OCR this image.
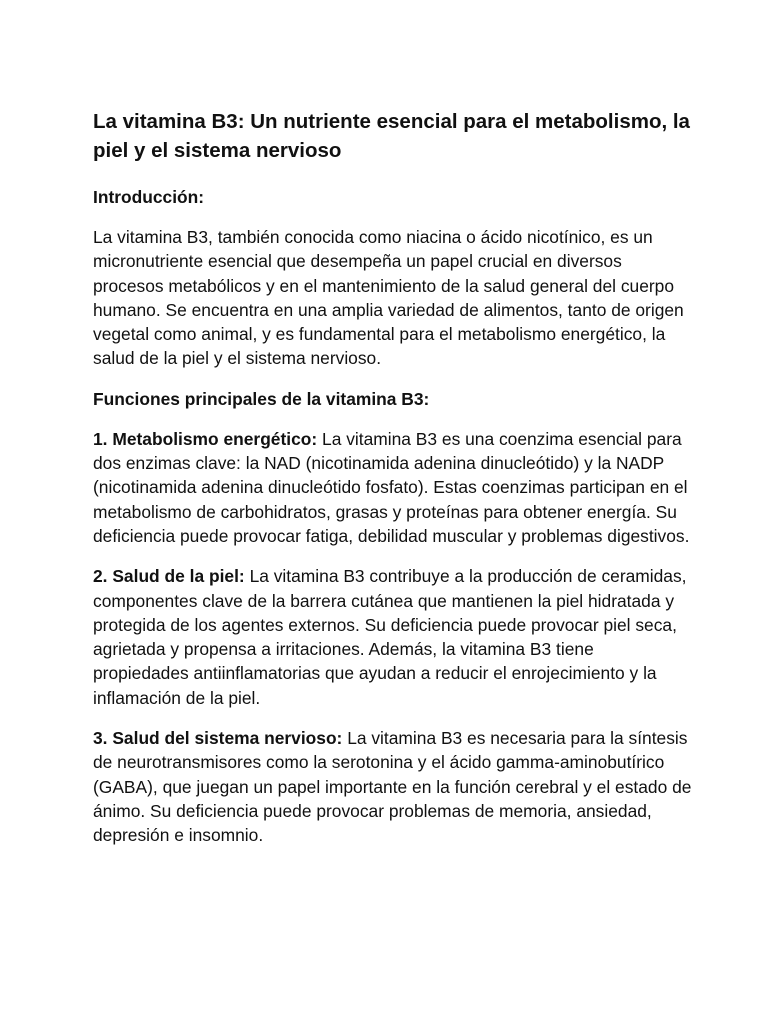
La vitamina B3: Un nutriente esencial para el metabolismo, la piel y el sistema nervioso
Introducción:

La vitamina B3, también conocida como niacina o ácido nicotínico, es un micronutriente esencial que desempeña un papel crucial en diversos procesos metabólicos y en el mantenimiento de la salud general del cuerpo humano. Se encuentra en una amplia variedad de alimentos, tanto de origen vegetal como animal, y es fundamental para el metabolismo energético, la salud de la piel y el sistema nervioso.

Funciones principales de la vitamina B3:

1. Metabolismo energético: La vitamina B3 es una coenzima esencial para dos enzimas clave: la NAD (nicotinamida adenina dinucleótido) y la NADP (nicotinamida adenina dinucleótido fosfato). Estas coenzimas participan en el metabolismo de carbohidratos, grasas y proteínas para obtener energía. Su deficiencia puede provocar fatiga, debilidad muscular y problemas digestivos.

2. Salud de la piel: La vitamina B3 contribuye a la producción de ceramidas, componentes clave de la barrera cutánea que mantienen la piel hidratada y protegida de los agentes externos. Su deficiencia puede provocar piel seca, agrietada y propensa a irritaciones. Además, la vitamina B3 tiene propiedades antiinflamatorias que ayudan a reducir el enrojecimiento y la inflamación de la piel.

3. Salud del sistema nervioso: La vitamina B3 es necesaria para la síntesis de neurotransmisores como la serotonina y el ácido gamma-aminobutírico (GABA), que juegan un papel importante en la función cerebral y el estado de ánimo. Su deficiencia puede provocar problemas de memoria, ansiedad, depresión e insomnio.
